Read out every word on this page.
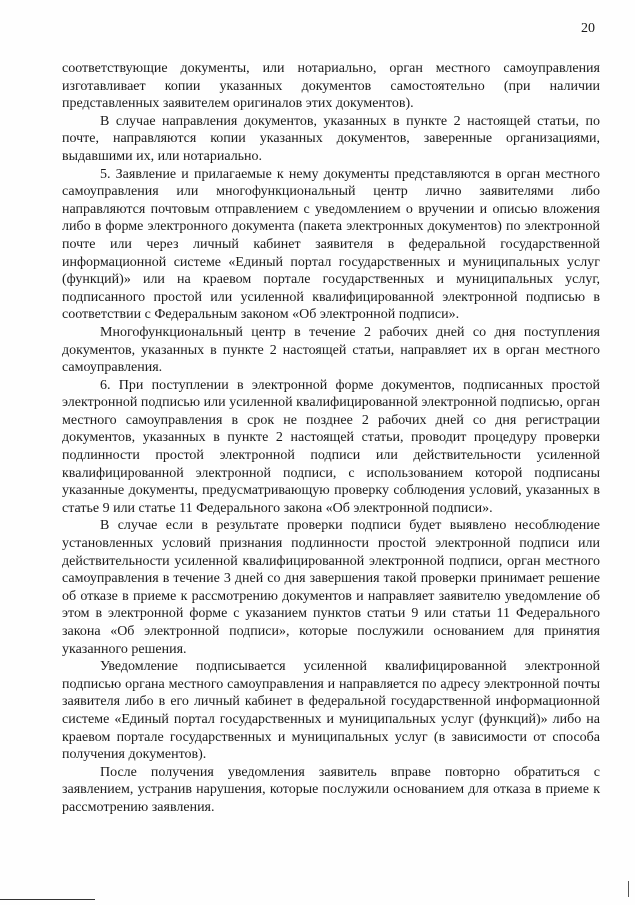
20

соответствующие документы, или нотариально, орган местного самоуправления изготавливает копии указанных документов самостоятельно (при наличии представленных заявителем оригиналов этих документов).

В случае направления документов, указанных в пункте 2 настоящей статьи, по почте, направляются копии указанных документов, заверенные организациями, выдавшими их, или нотариально.

5. Заявление и прилагаемые к нему документы представляются в орган местного самоуправления или многофункциональный центр лично заявителями либо направляются почтовым отправлением с уведомлением о вручении и описью вложения либо в форме электронного документа (пакета электронных документов) по электронной почте или через личный кабинет заявителя в федеральной государственной информационной системе «Единый портал государственных и муниципальных услуг (функций)» или на краевом портале государственных и муниципальных услуг, подписанного простой или усиленной квалифицированной электронной подписью в соответствии с Федеральным законом «Об электронной подписи».

Многофункциональный центр в течение 2 рабочих дней со дня поступления документов, указанных в пункте 2 настоящей статьи, направляет их в орган местного самоуправления.

6. При поступлении в электронной форме документов, подписанных простой электронной подписью или усиленной квалифицированной электронной подписью, орган местного самоуправления в срок не позднее 2 рабочих дней со дня регистрации документов, указанных в пункте 2 настоящей статьи, проводит процедуру проверки подлинности простой электронной подписи или действительности усиленной квалифицированной электронной подписи, с использованием которой подписаны указанные документы, предусматривающую проверку соблюдения условий, указанных в статье 9 или статье 11 Федерального закона «Об электронной подписи».

В случае если в результате проверки подписи будет выявлено несоблюдение установленных условий признания подлинности простой электронной подписи или действительности усиленной квалифицированной электронной подписи, орган местного самоуправления в течение 3 дней со дня завершения такой проверки принимает решение об отказе в приеме к рассмотрению документов и направляет заявителю уведомление об этом в электронной форме с указанием пунктов статьи 9 или статьи 11 Федерального закона «Об электронной подписи», которые послужили основанием для принятия указанного решения.

Уведомление подписывается усиленной квалифицированной электронной подписью органа местного самоуправления и направляется по адресу электронной почты заявителя либо в его личный кабинет в федеральной государственной информационной системе «Единый портал государственных и муниципальных услуг (функций)» либо на краевом портале государственных и муниципальных услуг (в зависимости от способа получения документов).

После получения уведомления заявитель вправе повторно обратиться с заявлением, устранив нарушения, которые послужили основанием для отказа в приеме к рассмотрению заявления.
